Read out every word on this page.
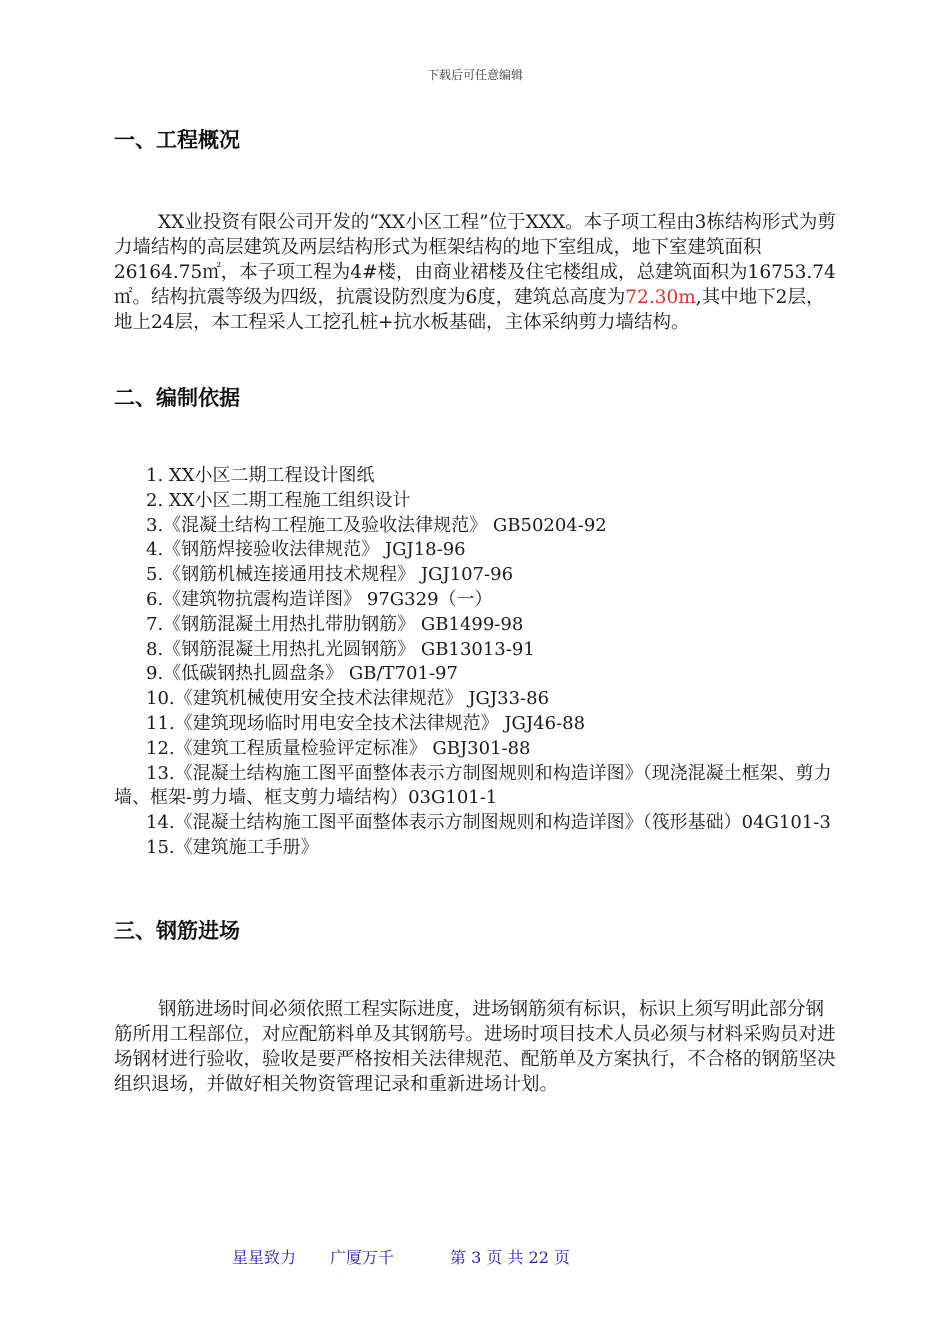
下载后可任意编辑
一、工程概况

XX业投资有限公司开发的“XX小区工程”位于XXX。本子项工程由3栋结构形式为剪力墙结构的高层建筑及两层结构形式为框架结构的地下室组成，地下室建筑面积26164.75㎡，本子项工程为4#楼，由商业裙楼及住宅楼组成，总建筑面积为16753.74㎡。结构抗震等级为四级，抗震设防烈度为6度，建筑总高度为72.30m,其中地下2层，地上24层，本工程采人工挖孔桩+抗水板基础，主体采纳剪力墙结构。

二、编制依据
1. XX小区二期工程设计图纸
2. XX小区二期工程施工组织设计
3.《混凝土结构工程施工及验收法律规范》 GB50204-92
4.《钢筋焊接验收法律规范》 JGJ18-96
5.《钢筋机械连接通用技术规程》 JGJ107-96
6.《建筑物抗震构造详图》 97G329（一）
7.《钢筋混凝土用热扎带肋钢筋》 GB1499-98
8.《钢筋混凝土用热扎光圆钢筋》 GB13013-91
9.《低碳钢热扎圆盘条》 GB/T701-97
10.《建筑机械使用安全技术法律规范》 JGJ33-86
11.《建筑现场临时用电安全技术法律规范》 JGJ46-88
12.《建筑工程质量检验评定标准》 GBJ301-88
13.《混凝土结构施工图平面整体表示方制图规则和构造详图》（现浇混凝土框架、剪力墙、框架-剪力墙、框支剪力墙结构）03G101-1
14.《混凝土结构施工图平面整体表示方制图规则和构造详图》（筏形基础）04G101-3
15.《建筑施工手册》
三、钢筋进场

钢筋进场时间必须依照工程实际进度，进场钢筋须有标识，标识上须写明此部分钢筋所用工程部位，对应配筋料单及其钢筋号。进场时项目技术人员必须与材料采购员对进场钢材进行验收，验收是要严格按相关法律规范、配筋单及方案执行，不合格的钢筋坚决组织退场，并做好相关物资管理记录和重新进场计划。

星星致力 广厦万千	第 3 页 共 22 页
